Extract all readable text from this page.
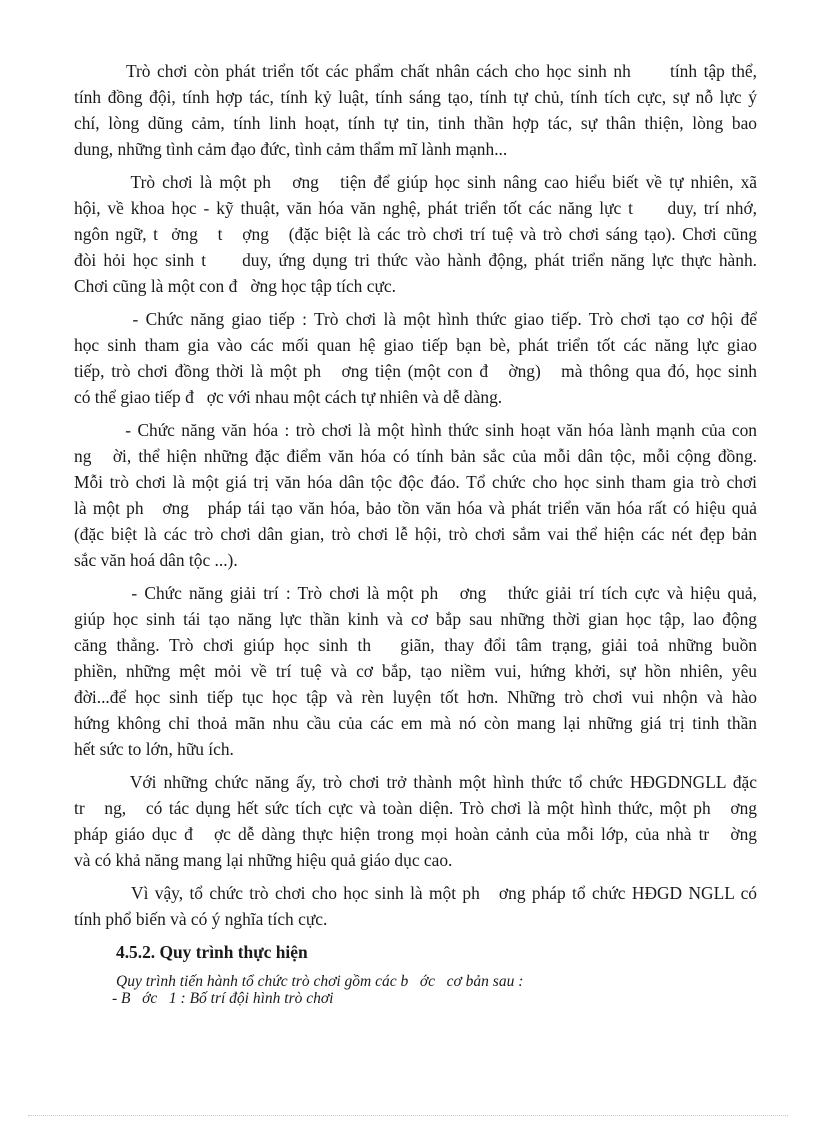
Trò chơi còn phát triển tốt các phẩm chất nhân cách cho học sinh nh      tính tập thể,
tính đồng đội, tính hợp tác, tính kỷ luật, tính sáng tạo, tính tự chủ, tính tích cực, sự nỗ lực ý
chí, lòng dũng cảm, tính linh hoạt, tính tự tin, tinh thần hợp tác, sự thân thiện, lòng bao
dung, những tình cảm đạo đức, tình cảm thẩm mĩ lành mạnh...
Trò chơi là một ph   ơng   tiện để giúp học sinh nâng cao hiểu biết về tự nhiên, xã
hội, về khoa học - kỹ thuật, văn hóa văn nghệ, phát triển tốt các năng lực t     duy, trí nhớ,
ngôn ngữ, t  ởng   t   ợng   (đặc biệt là các trò chơi trí tuệ và trò chơi sáng tạo). Chơi cũng
đòi hỏi học sinh t     duy, ứng dụng tri thức vào hành động, phát triển năng lực thực hành.
Chơi cũng là một con đ   ờng học tập tích cực.
- Chức năng giao tiếp : Trò chơi là một hình thức giao tiếp. Trò chơi tạo cơ hội để
học sinh tham gia vào các mối quan hệ giao tiếp bạn bè, phát triển tốt các năng lực giao
tiếp, trò chơi đồng thời là một ph   ơng tiện (một con đ   ờng)   mà thông qua đó, học sinh
có thể giao tiếp đ   ợc với nhau một cách tự nhiên và dễ dàng.
- Chức năng văn hóa : trò chơi là một hình thức sinh hoạt văn hóa lành mạnh của con
ng   ời, thể hiện những đặc điểm văn hóa có tính bản sắc của mỗi dân tộc, mỗi cộng đồng.
Mỗi trò chơi là một giá trị văn hóa dân tộc độc đáo. Tổ chức cho học sinh tham gia trò chơi
là một ph   ơng   pháp tái tạo văn hóa, bảo tồn văn hóa và phát triển văn hóa rất có hiệu quả
(đặc biệt là các trò chơi dân gian, trò chơi lễ hội, trò chơi sắm vai thể hiện các nét đẹp bản
sắc văn hoá dân tộc ...).
- Chức năng giải trí : Trò chơi là một ph   ơng   thức giải trí tích cực và hiệu quả,
giúp học sinh tái tạo năng lực thần kinh và cơ bắp sau những thời gian học tập, lao động
căng thẳng. Trò chơi giúp học sinh th   giãn, thay đổi tâm trạng, giải toả những buồn
phiền, những mệt mỏi về trí tuệ và cơ bắp, tạo niềm vui, hứng khởi, sự hồn nhiên, yêu
đời...để học sinh tiếp tục học tập và rèn luyện tốt hơn. Những trò chơi vui nhộn và hào
hứng không chỉ thoả mãn nhu cầu của các em mà nó còn mang lại những giá trị tinh thần
hết sức to lớn, hữu ích.
Với những chức năng ấy, trò chơi trở thành một hình thức tổ chức HĐGDNGLL đặc
tr   ng,   có tác dụng hết sức tích cực và toàn diện. Trò chơi là một hình thức, một ph   ơng
pháp giáo dục đ   ợc dễ dàng thực hiện trong mọi hoàn cảnh của mỗi lớp, của nhà tr   ờng
và có khả năng mang lại những hiệu quả giáo dục cao.
Vì vậy, tổ chức trò chơi cho học sinh là một ph   ơng pháp tổ chức HĐGD NGLL có
tính phổ biến và có ý nghĩa tích cực.
4.5.2. Quy trình thực hiện
Quy trình tiến hành tổ chức trò chơi gồm các b   ớc   cơ bản sau :
- B   ớc   1 : Bố trí đội hình trò chơi
